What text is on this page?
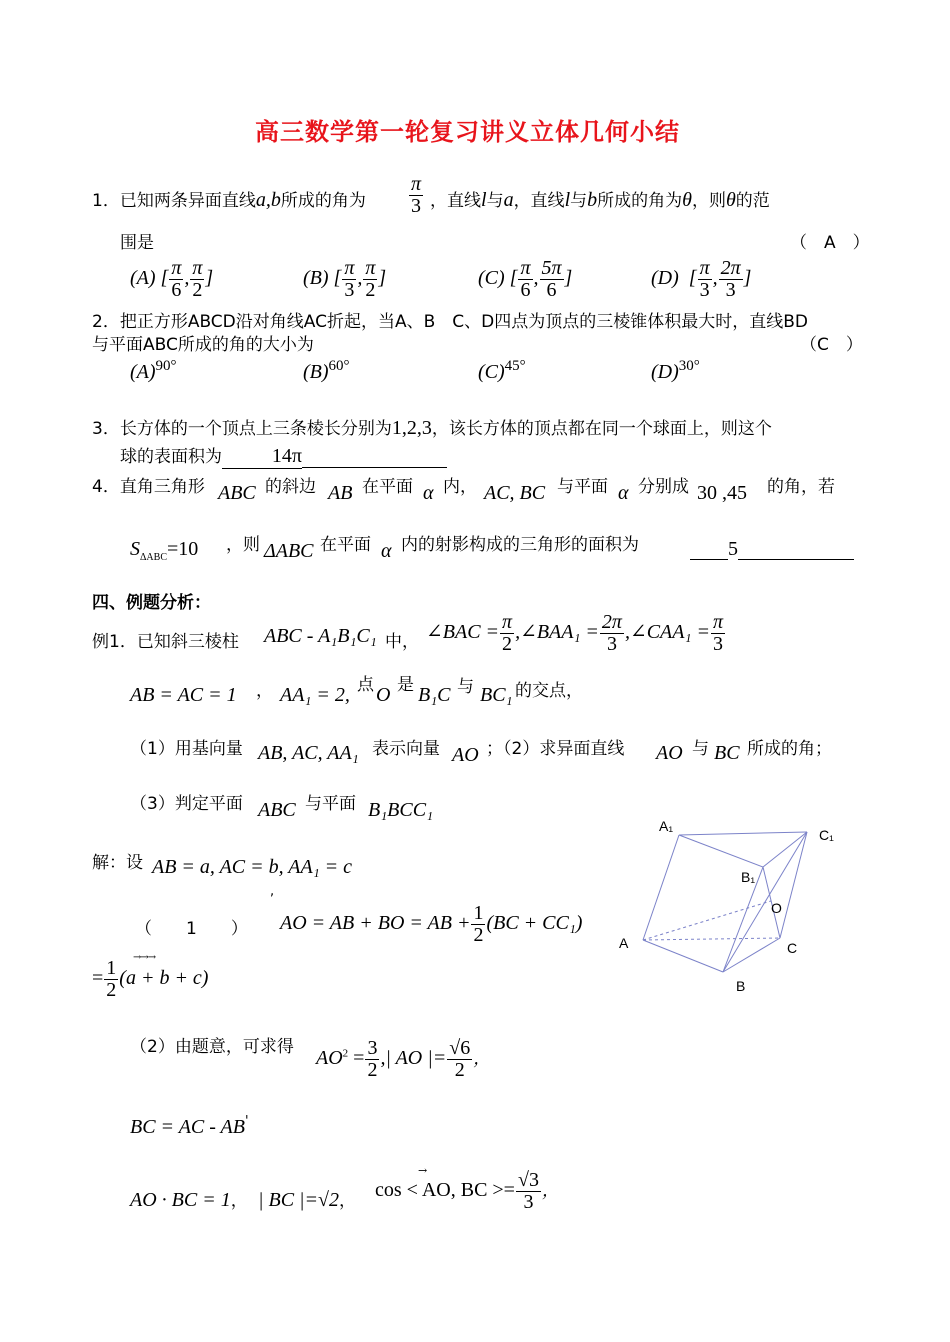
高三数学第一轮复习讲义立体几何小结
1．已知两条异面直线a,b所成的角为 $\frac{\pi}{3}$ ，直线l与a，直线l与b所成的角为θ，则θ的范
围是	（　A　）
(A) [ $\frac{\pi}{6}$ , $\frac{\pi}{2}$ ]	(B) [ $\frac{\pi}{3}$ , $\frac{\pi}{2}$ ]	(C) [ $\frac{\pi}{6}$ , $\frac{5\pi}{6}$ ]	(D)  [ $\frac{\pi}{3}$ , $\frac{2\pi}{3}$ ]
2．把正方形ABCD沿对角线AC折起，当A、B　C、D四点为顶点的三棱锥体积最大时，直线BD
与平面ABC所成的角的大小为	（C　）
$(A)^{90^\circ}$	$(B)^{60^\circ}$	$(C)^{45^\circ}$	$(D)^{30^\circ}$
3．长方体的一个顶点上三条棱长分别为1,2,3，该长方体的顶点都在同一个球面上，则这个
球的表面积为 14π
4．直角三角形 ABC 的斜边 AB 在平面 α 内， AC, BC 与平面 α 分别成 30 ,45 的角，若
$S_{\Delta ABC}=10$ ，则 ΔABC 在平面 α 内的射影构成的三角形的面积为	5
四、例题分析：
例1．已知斜三棱柱 ABC - A₁B₁C₁ 中， ∠BAC = $\frac{\pi}{2}$ ,∠BAA₁ = $\frac{2\pi}{3}$ ,∠CAA₁ = $\frac{\pi}{3}$
AB = AC = 1 ， AA₁ = 2, 点 O 是 B₁C 与 BC₁ 的交点，
（1）用基向量 AB, AC, AA₁ 表示向量 AO ；（2）求异面直线 AO 与 BC 所成的角；
（3）判定平面 ABC 与平面 B₁BCC₁
解：设 AB = a, AC = b, AA₁ = c
,
（　　1　　） AO = AB + BO = AB + $\frac{1}{2} (BC + CC_1)$
→→→
= $\frac{1}{2} (a + b + c)$
（2）由题意，可求得
$AO^2 = \frac{3}{2}$ ,| AO |= $\frac{√6}{2}$ ，
BC = AC - AB'
AO · BC = 1， | BC |=√2，
→
cos < AO, BC >= $\frac{√3}{3}$ ，
A₁
C₁
B₁
O
A	C
B
